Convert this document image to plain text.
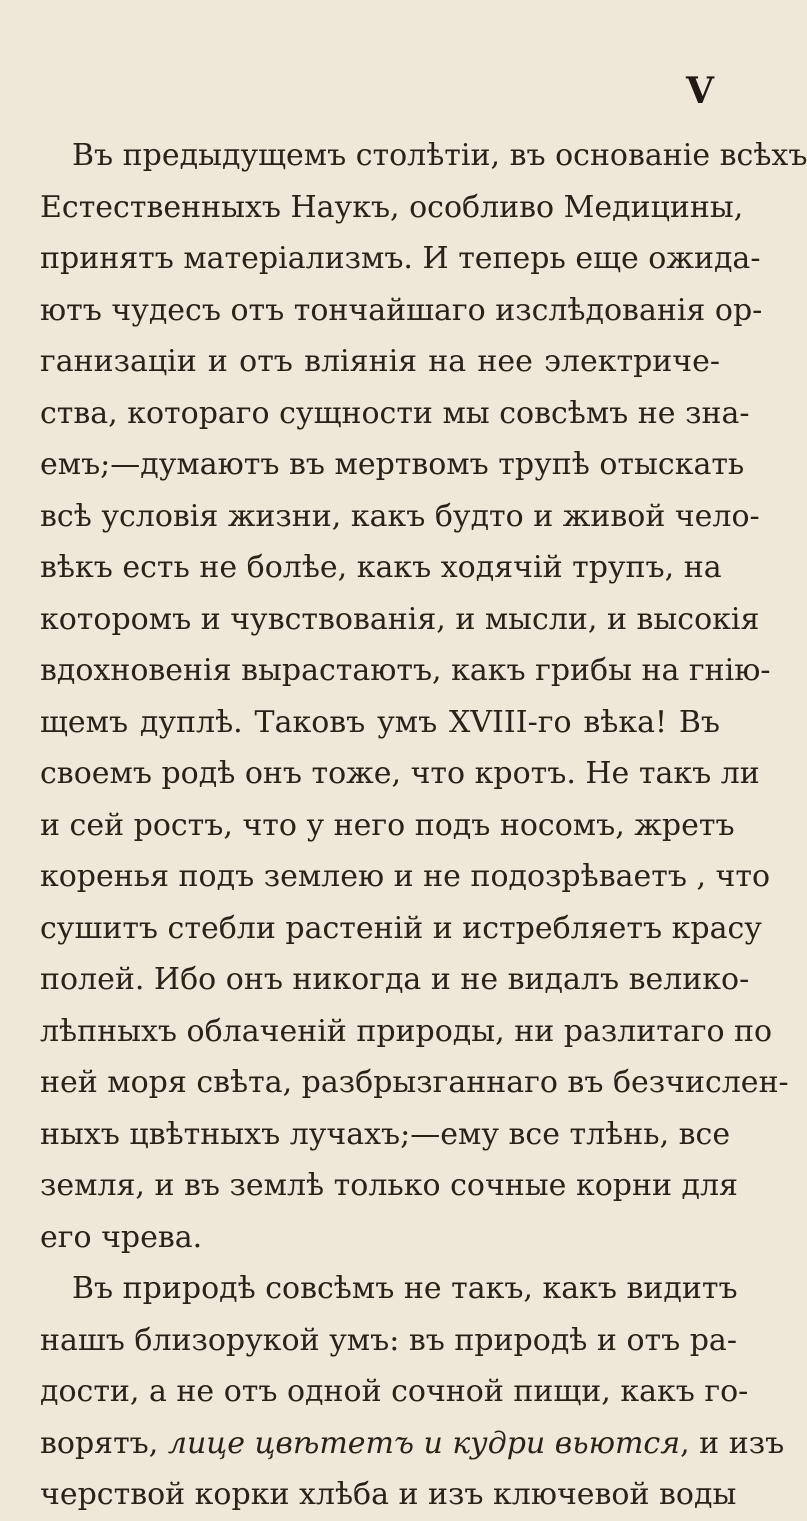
V
Въ предыдущемъ столѣтіи, въ основаніе всѣхъ
Естественныхъ Наукъ, особливо Медицины,
принятъ матеріализмъ. И теперь еще ожида-
ютъ чудесъ отъ тончайшаго изслѣдованія ор-
ганизаціи и отъ вліянія на нее электриче-
ства, котораго сущности мы совсѣмъ не зна-
емъ;—думаютъ въ мертвомъ трупѣ отыскать
всѣ условія жизни, какъ будто и живой чело-
вѣкъ есть не болѣе, какъ ходячій трупъ, на
которомъ и чувствованія, и мысли, и высокія
вдохновенія вырастаютъ, какъ грибы на гнію-
щемъ дуплѣ. Таковъ умъ XVIII-го вѣка! Въ
своемъ родѣ онъ тоже, что кротъ. Не такъ ли
и сей ростъ, что у него подъ носомъ, жретъ
коренья подъ землею и не подозрѣваетъ , что
сушитъ стебли растеній и истребляетъ красу
полей. Ибо онъ никогда и не видалъ велико-
лѣпныхъ облаченій природы, ни разлитаго по
ней моря свѣта, разбрызганнаго въ безчислен-
ныхъ цвѣтныхъ лучахъ;—ему все тлѣнь, все
земля, и въ землѣ только сочные корни для
его чрева.
Въ природѣ совсѣмъ не такъ, какъ видитъ
нашъ близорукой умъ: въ природѣ и отъ ра-
дости, а не отъ одной сочной пищи, какъ го-
ворятъ, лице цвѣтетъ и кудри вьются, и изъ
черствой корки хлѣба и изъ ключевой воды
